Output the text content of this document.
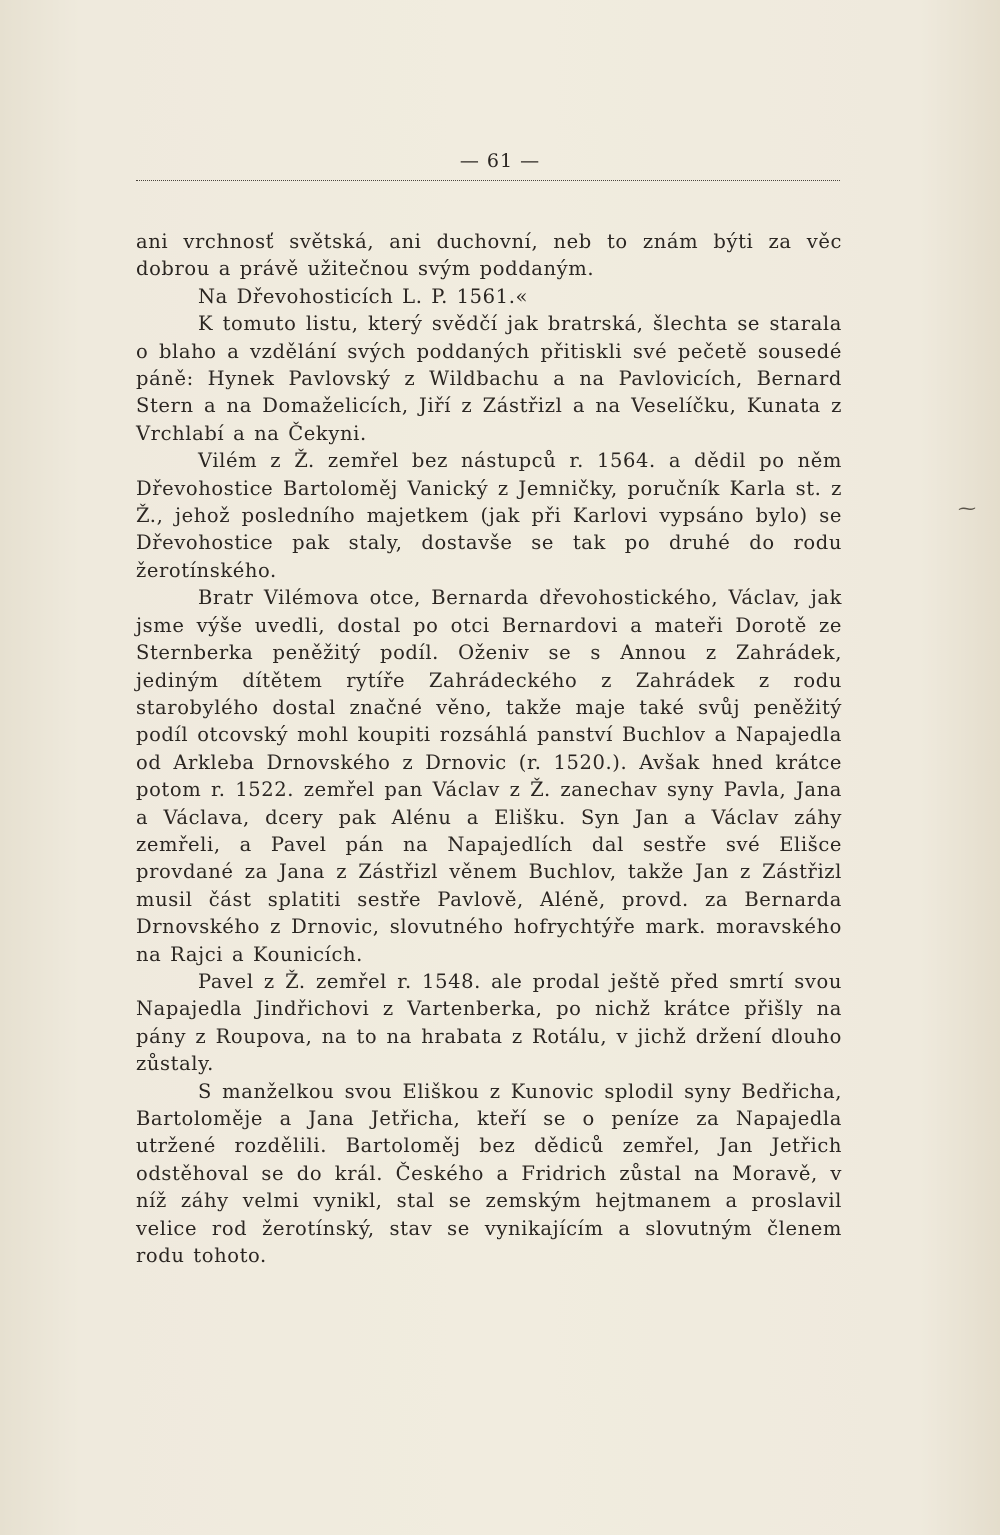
— 61 —

ani vrchnosť světská, ani duchovní, neb to znám býti za věc dobrou a právě užitečnou svým poddaným.

Na Dřevohosticích L. P. 1561.«

K tomuto listu, který svědčí jak bratrská, šlechta se starala o blaho a vzdělání svých poddaných přitiskli své pečetě sousedé páně: Hynek Pavlovský z Wildbachu a na Pavlovicích, Bernard Stern a na Domaželicích, Jiří z Zástřizl a na Veselíčku, Kunata z Vrchlabí a na Čekyni.

Vilém z Ž. zemřel bez nástupců r. 1564. a dědil po něm Dřevohostice Bartoloměj Vanický z Jemničky, poručník Karla st. z Ž., jehož posledního majetkem (jak při Karlovi vypsáno bylo) se Dřevohostice pak staly, dostavše se tak po druhé do rodu žerotínského.

Bratr Vilémova otce, Bernarda dřevohostického, Václav, jak jsme výše uvedli, dostal po otci Bernardovi a mateři Dorotě ze Sternberka peněžitý podíl. Oženiv se s Annou z Zahrádek, jediným dítětem rytíře Zahrádeckého z Zahrádek z rodu starobylého dostal značné věno, takže maje také svůj peněžitý podíl otcovský mohl koupiti rozsáhlá panství Buchlov a Napajedla od Arkleba Drnovského z Drnovic (r. 1520.). Avšak hned krátce potom r. 1522. zemřel pan Václav z Ž. zanechav syny Pavla, Jana a Václava, dcery pak Alénu a Elišku. Syn Jan a Václav záhy zemřeli, a Pavel pán na Napajedlích dal sestře své Elišce provdané za Jana z Zástřizl věnem Buchlov, takže Jan z Zástřizl musil část splatiti sestře Pavlově, Aléně, provd. za Bernarda Drnovského z Drnovic, slovutného hofrychtýře mark. moravského na Rajci a Kounicích.

Pavel z Ž. zemřel r. 1548. ale prodal ještě před smrtí svou Napajedla Jindřichovi z Vartenberka, po nichž krátce přišly na pány z Roupova, na to na hrabata z Rotálu, v jichž držení dlouho zůstaly.

S manželkou svou Eliškou z Kunovic splodil syny Bedřicha, Bartoloměje a Jana Jetřicha, kteří se o peníze za Napajedla utržené rozdělili. Bartoloměj bez dědiců zemřel, Jan Jetřich odstěhoval se do král. Českého a Fridrich zůstal na Moravě, v níž záhy velmi vynikl, stal se zemským hejtmanem a proslavil velice rod žerotínský, stav se vynikajícím a slovutným členem rodu tohoto.

⁓
